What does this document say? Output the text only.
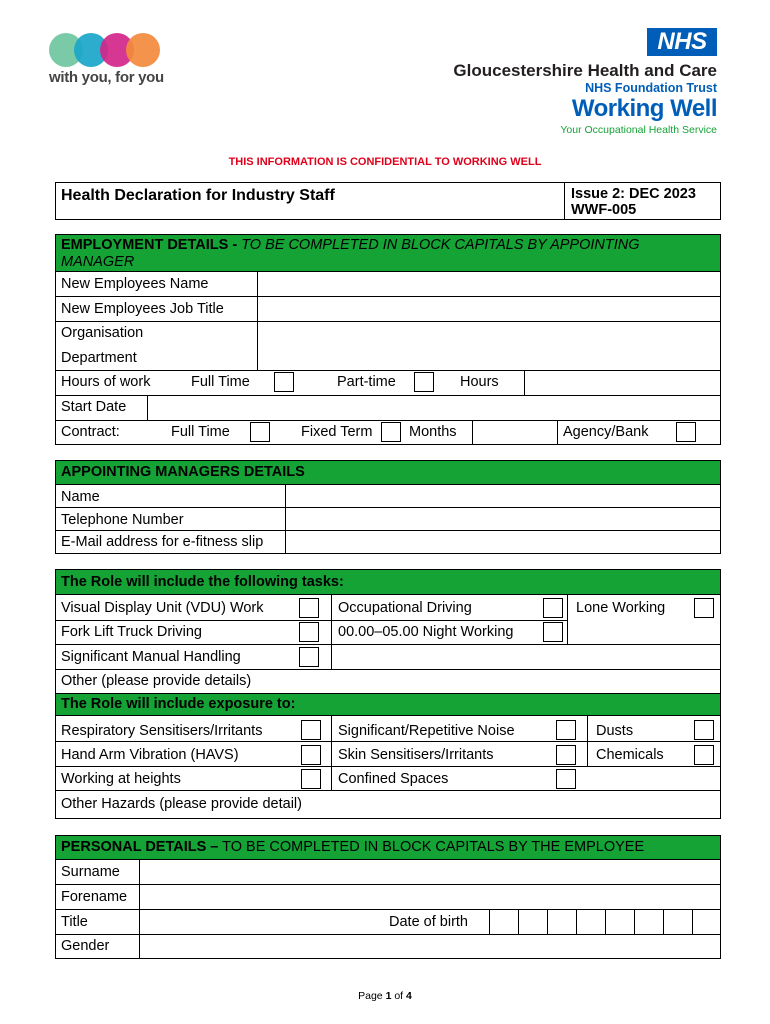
with you, for you
NHS
Gloucestershire Health and Care
NHS Foundation Trust
Working Well
Your Occupational Health Service
THIS INFORMATION IS CONFIDENTIAL TO WORKING WELL
Health Declaration for Industry Staff	Issue 2: DEC 2023
WWF-005
EMPLOYMENT DETAILS - TO BE COMPLETED IN BLOCK CAPITALS BY APPOINTING
MANAGER
New Employees Name
New Employees Job Title
Organisation
Department
Hours of work	Full Time	Part-time	Hours
Start Date
Contract:	Full Time	Fixed Term	Months	Agency/Bank
APPOINTING MANAGERS DETAILS
Name
Telephone Number
E-Mail address for e-fitness slip
The Role will include the following tasks:
Visual Display Unit (VDU) Work	Occupational Driving	Lone Working
Fork Lift Truck Driving	00.00–05.00 Night Working
Significant Manual Handling
Other (please provide details)
The Role will include exposure to:
Respiratory Sensitisers/Irritants	Significant/Repetitive Noise	Dusts
Hand Arm Vibration (HAVS)	Skin Sensitisers/Irritants	Chemicals
Working at heights	Confined Spaces
Other Hazards (please provide detail)
PERSONAL DETAILS – TO BE COMPLETED IN BLOCK CAPITALS BY THE EMPLOYEE
Surname
Forename
Title	Date of birth
Gender
Page 1 of 4
